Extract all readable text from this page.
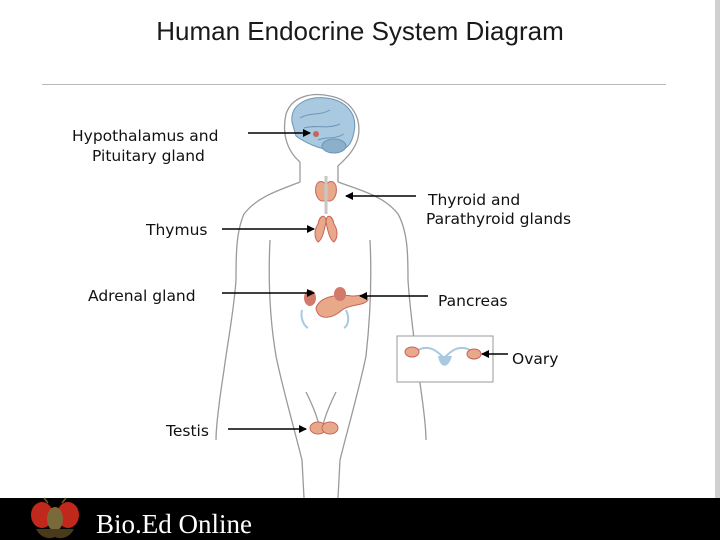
Human Endocrine System Diagram
Hypothalamus and
Pituitary gland
Thymus
Adrenal gland
Testis
Thyroid and
Parathyroid glands
Pancreas
Ovary
Bio.Ed Online
